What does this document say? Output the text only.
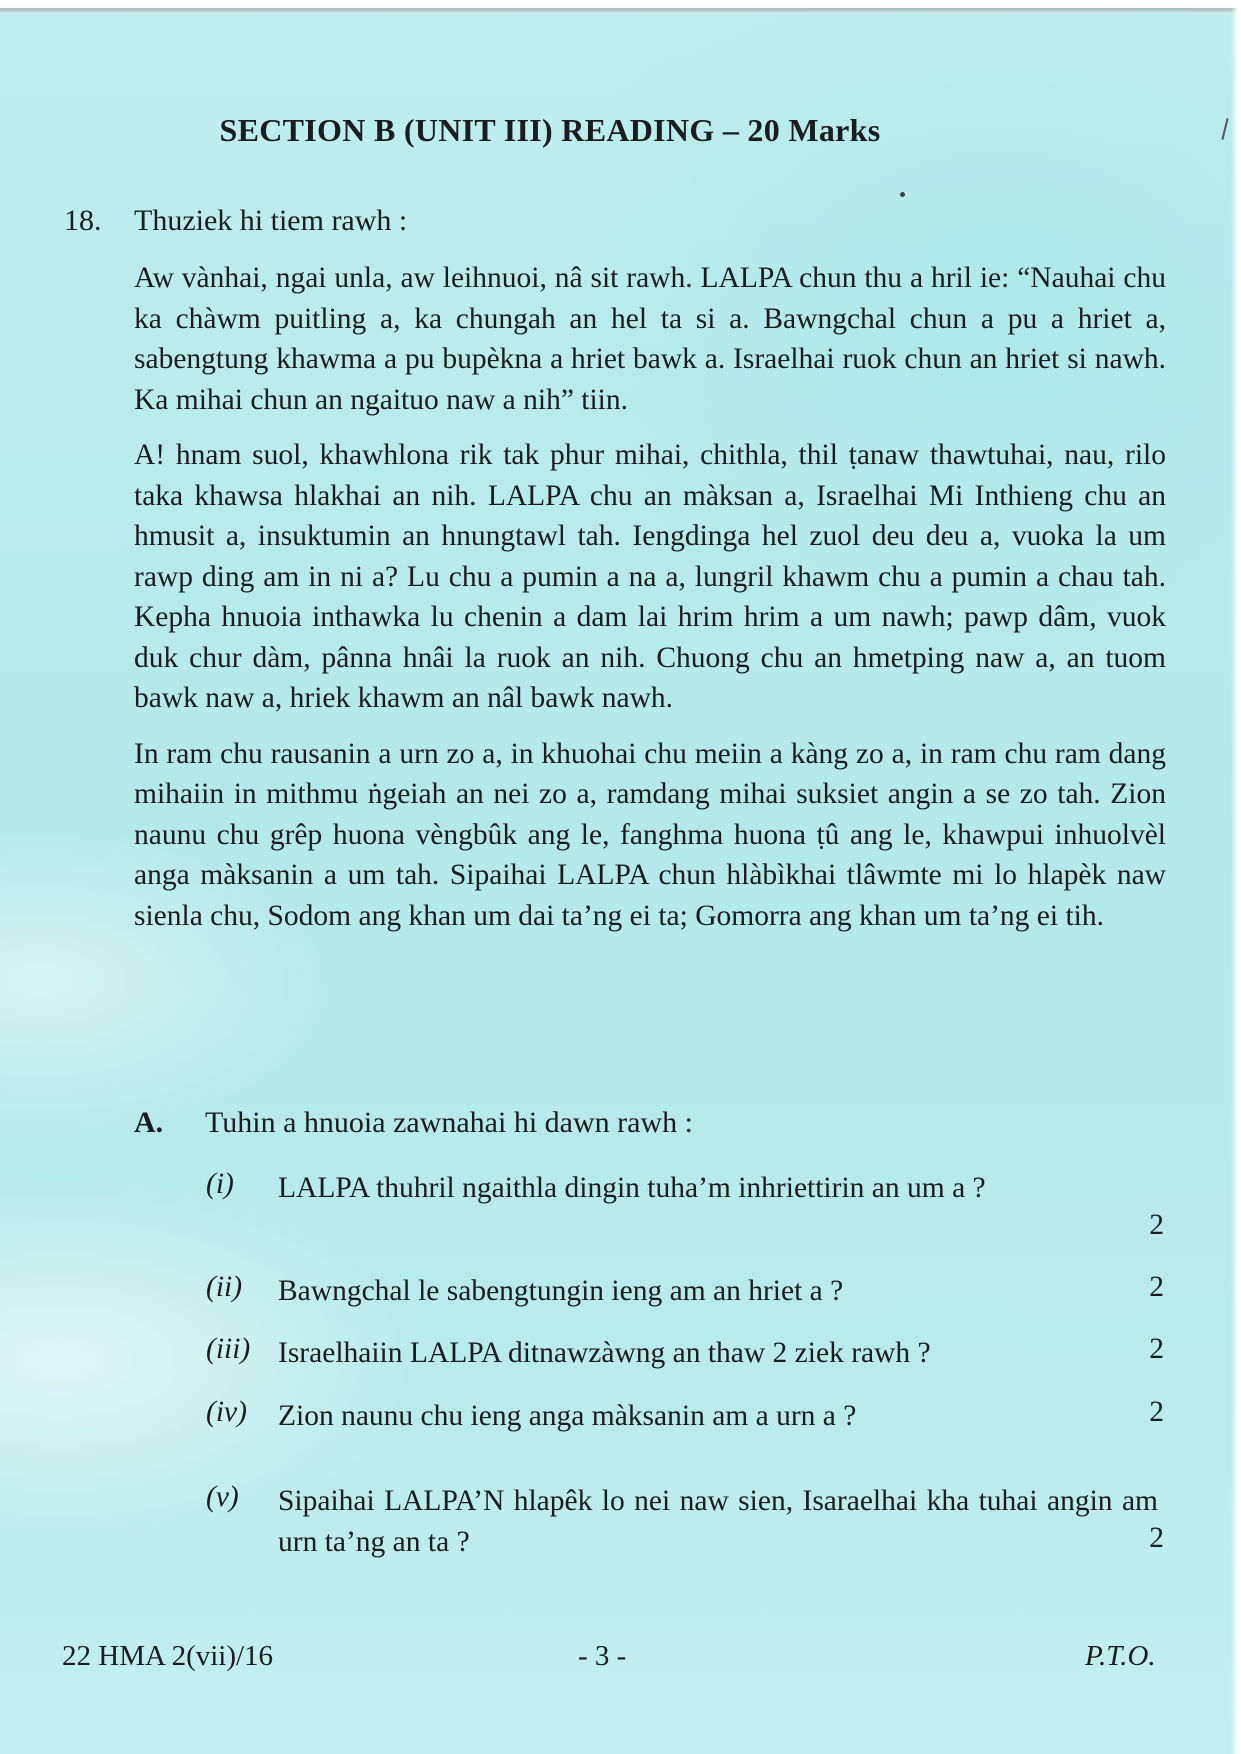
SECTION B (UNIT III) READING – 20 Marks
18. Thuziek hi tiem rawh :

Aw vànhai, ngai unla, aw leihnuoi, nâ sit rawh. LALPA chun thu a hril ie: “Nauhai chu ka chàwm puitling a, ka chungah an hel ta si a. Bawngchal chun a pu a hriet a, sabengtung khawma a pu bupèkna a hriet bawk a. Israelhai ruok chun an hriet si nawh. Ka mihai chun an ngaituo naw a nih” tiin.

A! hnam suol, khawhlona rik tak phur mihai, chithla, thil ṭanaw thawtuhai, nau, rilo taka khawsa hlakhai an nih. LALPA chu an màksan a, Israelhai Mi Inthieng chu an hmusit a, insuktumin an hnungtawl tah. Iengdinga hel zuol deu deu a, vuoka la um rawp ding am in ni a? Lu chu a pumin a na a, lungril khawm chu a pumin a chau tah. Kepha hnuoia inthawka lu chenin a dam lai hrim hrim a um nawh; pawp dâm, vuok duk chur dàm, pânna hnâi la ruok an nih. Chuong chu an hmetping naw a, an tuom bawk naw a, hriek khawm an nâl bawk nawh.

In ram chu rausanin a urn zo a, in khuohai chu meiin a kàng zo a, in ram chu ram dang mihaiin in mithmu ṅgeiah an nei zo a, ramdang mihai suksiet angin a se zo tah. Zion naunu chu grêp huona vèngbûk ang le, fanghma huona ṭû ang le, khawpui inhuolvèl anga màksanin a um tah. Sipaihai LALPA chun hlàbìkhai tlâwmte mi lo hlapèk naw sienla chu, Sodom ang khan um dai ta’ng ei ta; Gomorra ang khan um ta’ng ei tih.

A. Tuhin a hnuoia zawnahai hi dawn rawh :
(i) LALPA thuhril ngaithla dingin tuha’m inhriettirin an um a ?
2
(ii) Bawngchal le sabengtungin ieng am an hriet a ?	2
(iii) Israelhaiin LALPA ditnawzàwng an thaw 2 ziek rawh ?	2
(iv) Zion naunu chu ieng anga màksanin am a urn a ?	2
(v) Sipaihai LALPA’N hlapêk lo nei naw sien, Isaraelhai kha tuhai angin am urn ta’ng an ta ?	2
22 HMA 2(vii)/16	- 3 -	P.T.O.
